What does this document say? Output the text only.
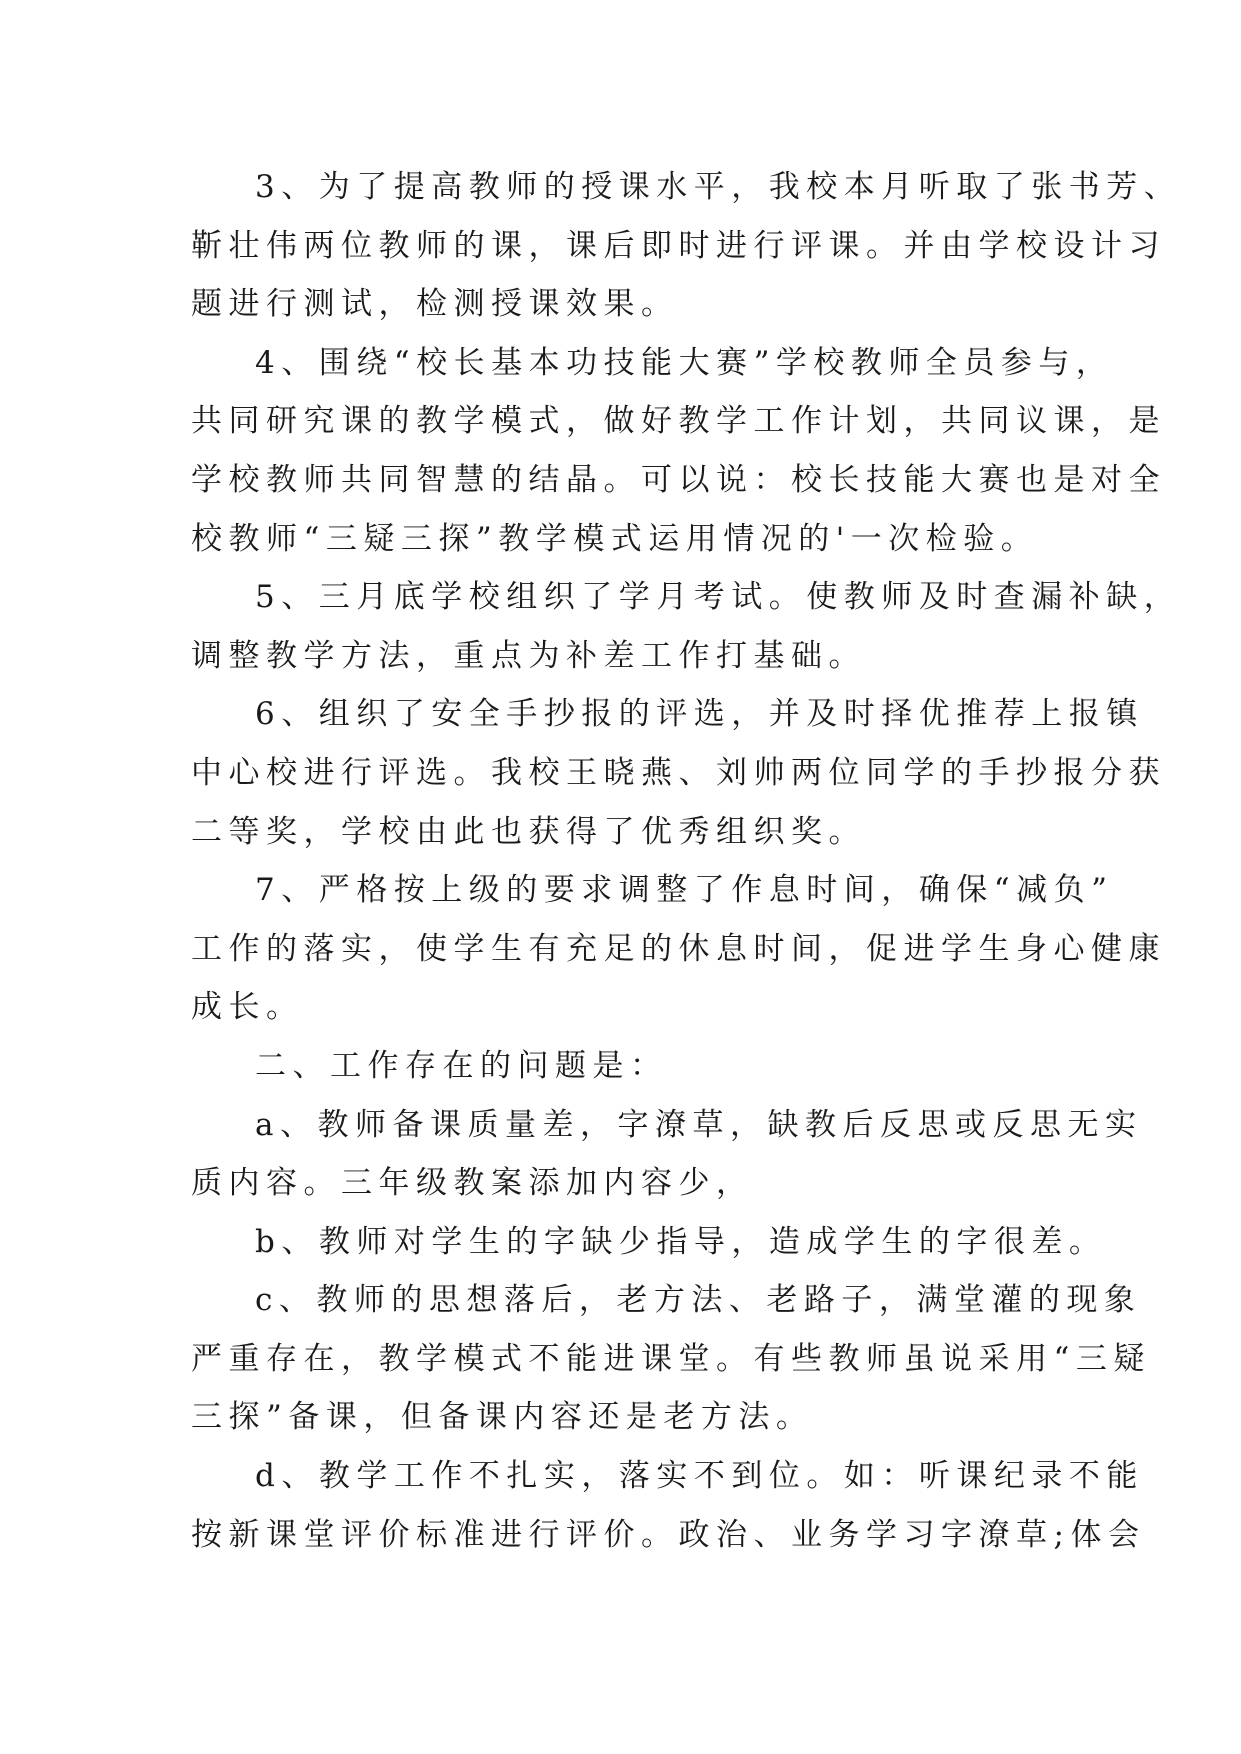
3、为了提高教师的授课水平，我校本月听取了张书芳、
靳壮伟两位教师的课，课后即时进行评课。并由学校设计习
题进行测试，检测授课效果。
4、围绕“校长基本功技能大赛”学校教师全员参与，
共同研究课的教学模式，做好教学工作计划，共同议课，是
学校教师共同智慧的结晶。可以说：校长技能大赛也是对全
校教师“三疑三探”教学模式运用情况的'一次检验。
5、三月底学校组织了学月考试。使教师及时查漏补缺，
调整教学方法，重点为补差工作打基础。
6、组织了安全手抄报的评选，并及时择优推荐上报镇
中心校进行评选。我校王晓燕、刘帅两位同学的手抄报分获
二等奖，学校由此也获得了优秀组织奖。
7、严格按上级的要求调整了作息时间，确保“减负”
工作的落实，使学生有充足的休息时间，促进学生身心健康
成长。
二、工作存在的问题是：
a、教师备课质量差，字潦草，缺教后反思或反思无实
质内容。三年级教案添加内容少，
b、教师对学生的字缺少指导，造成学生的字很差。
c、教师的思想落后，老方法、老路子，满堂灌的现象
严重存在，教学模式不能进课堂。有些教师虽说采用“三疑
三探”备课，但备课内容还是老方法。
d、教学工作不扎实，落实不到位。如：听课纪录不能
按新课堂评价标准进行评价。政治、业务学习字潦草;体会
